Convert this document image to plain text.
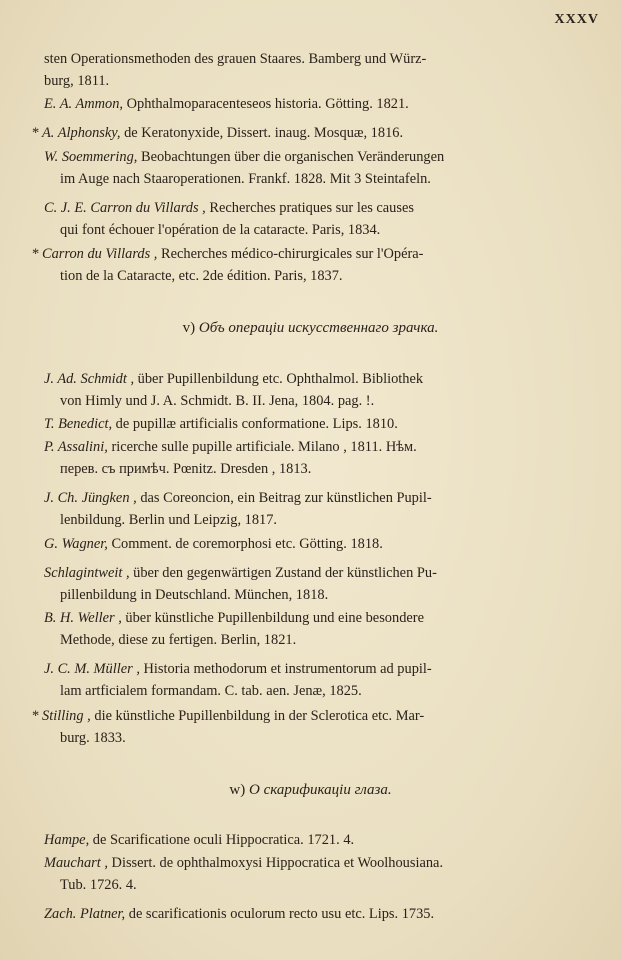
XXXV
sten Operationsmethoden des grauen Staares. Bamberg und Würz-
burg, 1811.
E. A. Ammon, Ophthalmoparacenteseos historia. Götting. 1821.
* A. Alphonsky, de Keratonyxide, Dissert. inaug. Mosquæ, 1816.
W. Soemmering, Beobachtungen über die organischen Veränderungen
im Auge nach Staaroperationen. Frankf. 1828. Mit 3 Steintafeln.
C. J. E. Carron du Villards , Recherches pratiques sur les causes
qui font échouer l'opération de la cataracte. Paris, 1834.
* Carron du Villards , Recherches médico-chirurgicales sur l'Opéra-
tion de la Cataracte, etc. 2de édition. Paris, 1837.
v) Объ операціи искусственнаго зрачка.
J. Ad. Schmidt , über Pupillenbildung etc. Ophthalmol. Bibliothek
von Himly und J. A. Schmidt. B. II. Jena, 1804. pag. !.
T. Benedict, de pupillæ artificialis conformatione. Lips. 1810.
P. Assalini, ricerche sulle pupille artificiale. Milano , 1811. Нѣм.
перев. съ примѣч. Pœnitz. Dresden , 1813.
J. Ch. Jüngken , das Coreoncion, ein Beitrag zur künstlichen Pupil-
lenbildung. Berlin und Leipzig, 1817.
G. Wagner, Comment. de coremorphosi etc. Götting. 1818.
Schlagintweit , über den gegenwärtigen Zustand der künstlichen Pu-
pillenbildung in Deutschland. München, 1818.
B. H. Weller , über künstliche Pupillenbildung und eine besondere
Methode, diese zu fertigen. Berlin, 1821.
J. C. M. Müller , Historia methodorum et instrumentorum ad pupil-
lam artficialem formandam. C. tab. aen. Jenæ, 1825.
* Stilling , die künstliche Pupillenbildung in der Sclerotica etc. Mar-
burg. 1833.
w) О скарификаціи глаза.
Hampe, de Scarificatione oculi Hippocratica. 1721. 4.
Mauchart , Dissert. de ophthalmoxysi Hippocratica et Woolhousiana.
Tub. 1726. 4.
Zach. Platner, de scarificationis oculorum recto usu etc. Lips. 1735.
